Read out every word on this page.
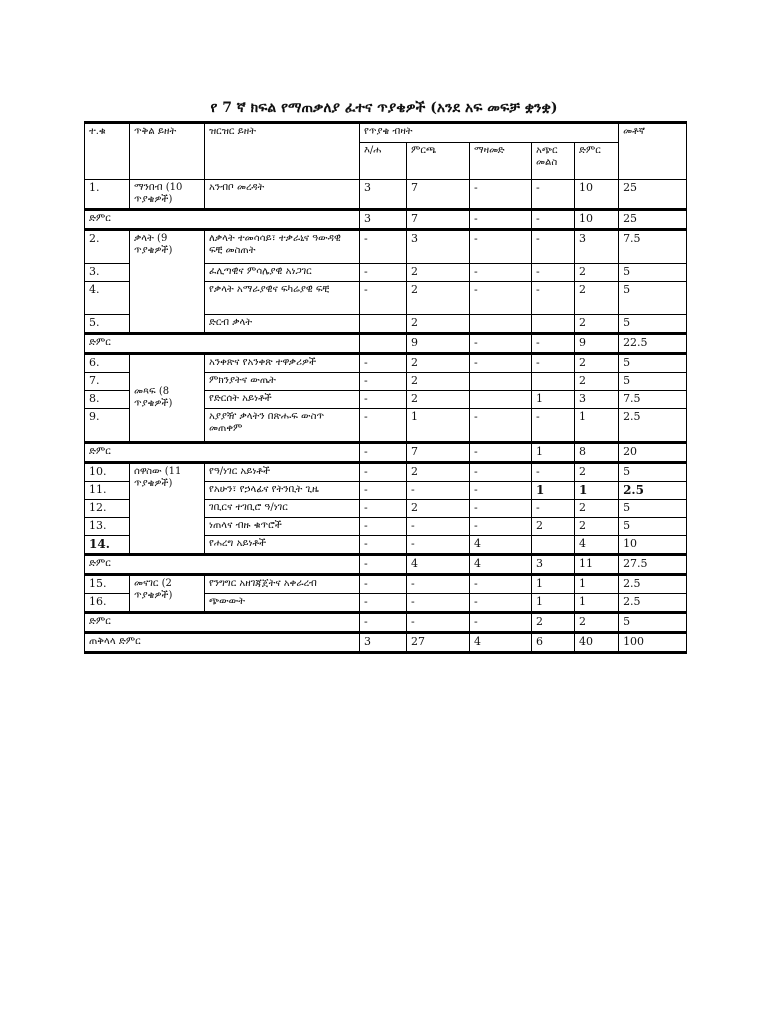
የ 7 ኛ ክፍል የማጠቃለያ ፈተና ጥያቄዎች (አንደ አፍ መፍቻ ቋንቋ)
ተ.ቁ	ጥቅል ይዘት	ዝርዝር ይዘት	የጥያቄ ብዛት					መቶኛ
			እ/ሐ	ምርጫ	ማዛመድ	አጭር መልስ	ድምር	
1.	ማንበብ (10 ጥያቄዎች)	አንብቦ መረዳት	3	7	-	-	10	25
ድምር			3	7	-	-	10	25
2.	ቃላት (9 ጥያቄዎች)	ለቃላት ተመሳሳይ፣ ተቃራኒና ዓውዳዊ ፍቺ መስጠት	-	3	-	-	3	7.5
3.		ፈሊጣዊና ምሳሌያዊ አነጋገር	-	2	-	-	2	5
4.		የቃላት አማራያዊና ፍካሬያዊ ፍቺ	-	2	-	-	2	5
5.		ድርብ ቃላት		2			2	5
ድምር				9	-	-	9	22.5
6.	መጻፍ (8 ጥያቄዎች)	አንቀጽና የአንቀጽ ተዋቃሪዎች	-	2	-	-	2	5
7.		ምክንያትና ውጤት	-	2			2	5
8.		የድርሰት አይነቶች	-	2		1	3	7.5
9.		አያያዥ ቃላትን በጽሑፍ ውስጥ መጠቀም	-	1	-	-	1	2.5
ድምር			-	7	-	1	8	20
10.	ሰዋስው (11 ጥያቄዎች)	የዓ/ነገር አይነቶች	-	2	-	-	2	5
11.		የአሁን፣ የኃላፊና የትንቢት ጊዜ	-	-	-	1	1	2.5
12.		ገቢርና ተገቢሮ ዓ/ነገር	-	2	-	-	2	5
13.		ነጠላና ብዙ ቁጥሮች	-	-	-	2	2	5
14.		የሐረግ አይነቶች	-	-	4		4	10
ድምር			-	4	4	3	11	27.5
15.	መናገር (2 ጥያቄዎች)	የንግግር አዘገጃጀትና አቀራረብ	-	-	-	1	1	2.5
16.		ጭውውት	-	-	-	1	1	2.5
ድምር			-	-	-	2	2	5
ጠቅላላ ድምር			3	27	4	6	40	100
